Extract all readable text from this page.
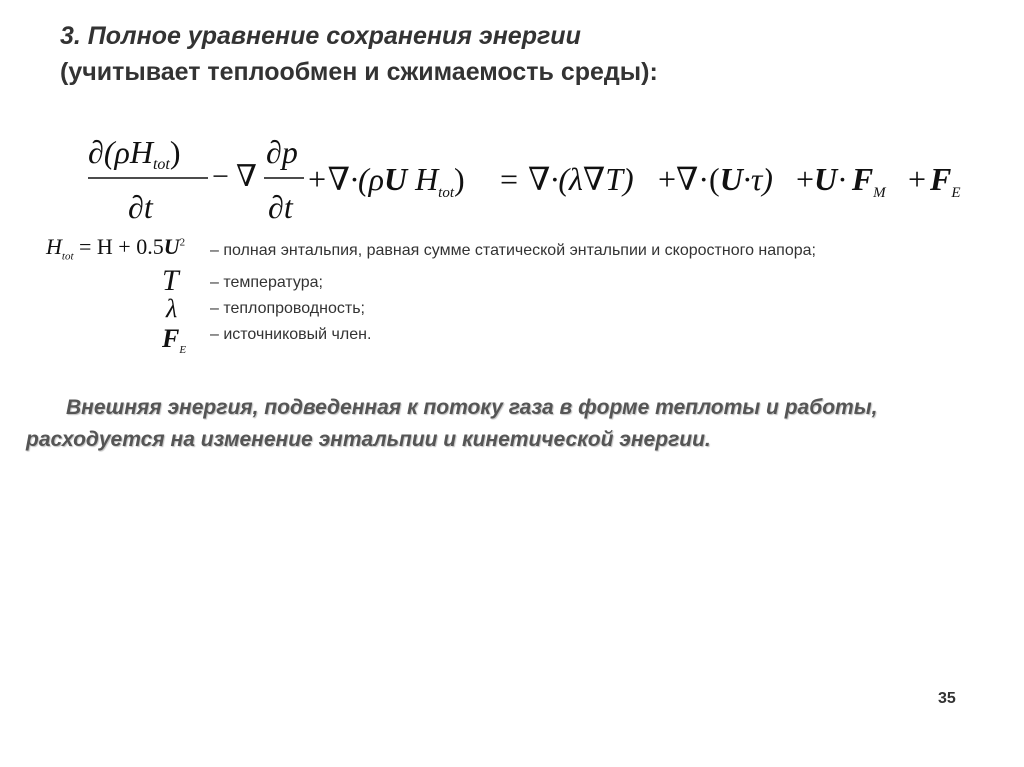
3. Полное уравнение сохранения энергии
(учитывает теплообмен и сжимаемость среды):
∂(ρHtot)
∂t
− ∇
∂p
∂t
+∇·(ρU $H_{tot}) = \nabla\cdot(\lambda\nabla T) +\nabla\cdot(U\cdot\tau) +U\cdot F_M + F_E$
$H_{tot} = H + 0.5U^2$ – полная энтальпия, равная сумме статической энтальпии и скоростного напора;
T – температура;
λ – теплопроводность;
$F_E$
– источниковый член.
Внешняя энергия, подведенная к потоку газа в форме теплоты и работы,
расходуется на изменение энтальпии и кинетической энергии.
35
